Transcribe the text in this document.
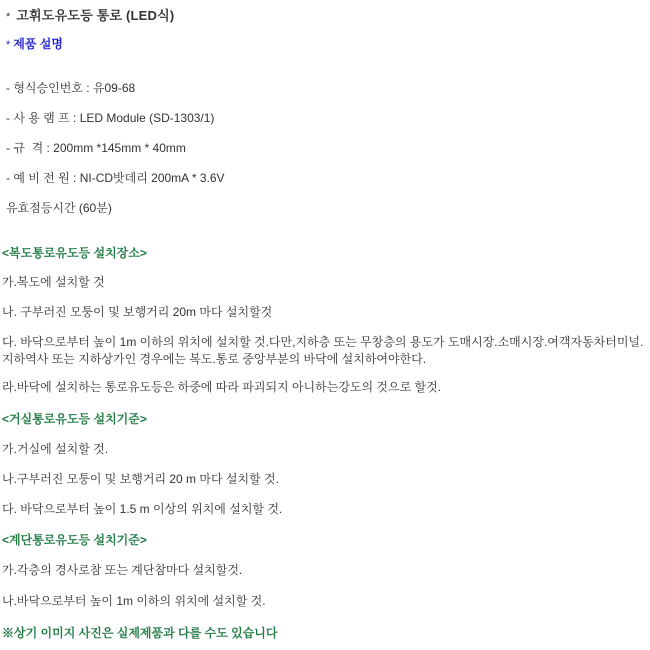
* 고휘도유도등 통로 (LED식)
* 제품 설명
- 형식승인번호 : 유09-68
- 사 용 램 프 : LED Module (SD-1303/1)
- 규  격 : 200mm *145mm * 40mm
- 예 비 전 원 : NI-CD밧데리 200mA * 3.6V
유효점등시간 (60분)
<복도통로유도등 설치장소>
가.복도에 설치할 것
나. 구부러진 모퉁이 및 보행거리 20m 마다 설치할것
다. 바닥으로부터 높이 1m 이하의 위치에 설치할 것.다만,지하층 또는 무창층의 용도가 도매시장.소매시장.여객자동차터미널.지하역사 또는 지하상가인 경우에는 복도.통로 중앙부분의 바닥에 설치하여야한다.
라.바닥에 설치하는 통로유도등은 하중에 따라 파괴되지 아니하는강도의 것으로 할것.
<거실통로유도등 설치기준>
가.거실에 설치할 것.
나.구부러진 모퉁이 및 보행거리 20 m 마다 설치할 것.
다. 바닥으로부터 높이 1.5 m 이상의 위치에 설치할 것.
<계단통로유도등 설치기준>
가.각층의 경사로참 또는 계단참마다 설치할것.
나.바닥으로부터 높이 1m 이하의 위치에 설치할 것.
※상기 이미지 사진은 실제제품과 다를 수도 있습니다
